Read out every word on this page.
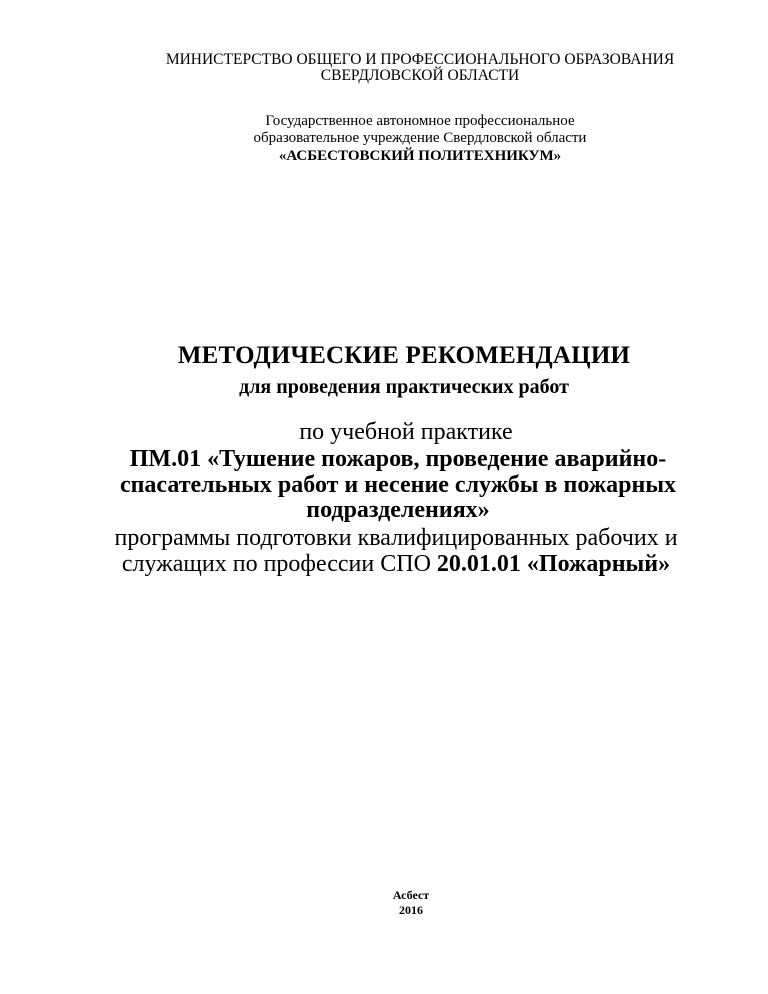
МИНИСТЕРСТВО ОБЩЕГО И ПРОФЕССИОНАЛЬНОГО ОБРАЗОВАНИЯ
СВЕРДЛОВСКОЙ ОБЛАСТИ
Государственное автономное профессиональное
образовательное учреждение Свердловской области
«АСБЕСТОВСКИЙ ПОЛИТЕХНИКУМ»
МЕТОДИЧЕСКИЕ РЕКОМЕНДАЦИИ
для проведения практических работ
по учебной практике
ПМ.01 «Тушение пожаров, проведение аварийно-
спасательных работ и несение службы в пожарных
подразделениях»
программы подготовки квалифицированных рабочих и
служащих по профессии СПО 20.01.01 «Пожарный»
Асбест
2016
